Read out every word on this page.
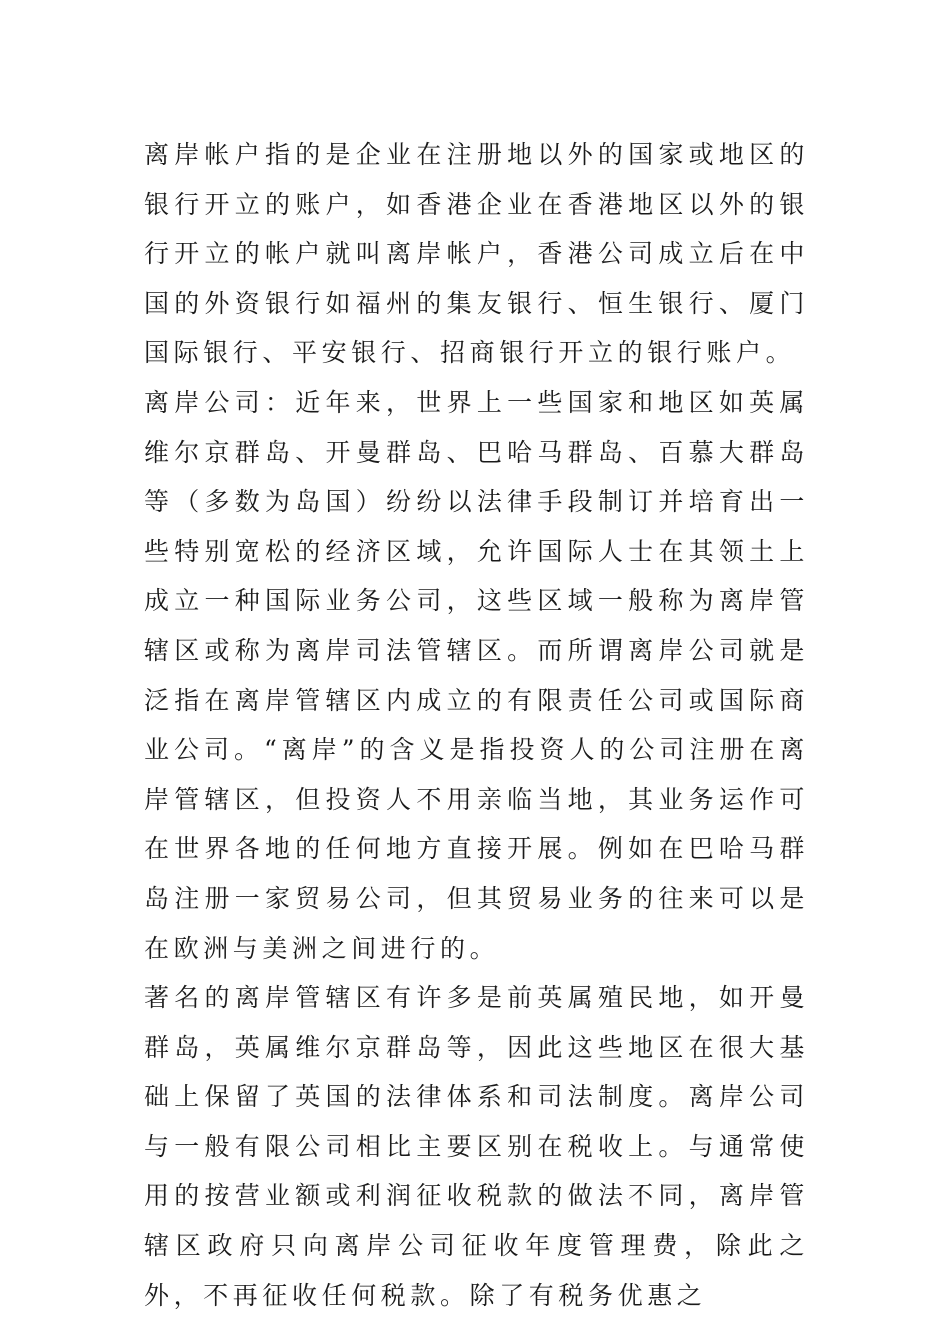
离岸帐户指的是企业在注册地以外的国家或地区的银行开立的账户，如香港企业在香港地区以外的银行开立的帐户就叫离岸帐户，香港公司成立后在中国的外资银行如福州的集友银行、恒生银行、厦门国际银行、平安银行、招商银行开立的银行账户。

离岸公司：近年来，世界上一些国家和地区如英属维尔京群岛、开曼群岛、巴哈马群岛、百慕大群岛等（多数为岛国）纷纷以法律手段制订并培育出一些特别宽松的经济区域，允许国际人士在其领土上成立一种国际业务公司，这些区域一般称为离岸管辖区或称为离岸司法管辖区。而所谓离岸公司就是泛指在离岸管辖区内成立的有限责任公司或国际商业公司。“离岸”的含义是指投资人的公司注册在离岸管辖区，但投资人不用亲临当地，其业务运作可在世界各地的任何地方直接开展。例如在巴哈马群岛注册一家贸易公司，但其贸易业务的往来可以是在欧洲与美洲之间进行的。

著名的离岸管辖区有许多是前英属殖民地，如开曼群岛，英属维尔京群岛等，因此这些地区在很大基础上保留了英国的法律体系和司法制度。离岸公司与一般有限公司相比主要区别在税收上。与通常使用的按营业额或利润征收税款的做法不同，离岸管辖区政府只向离岸公司征收年度管理费，除此之外，不再征收任何税款。除了有税务优惠之
